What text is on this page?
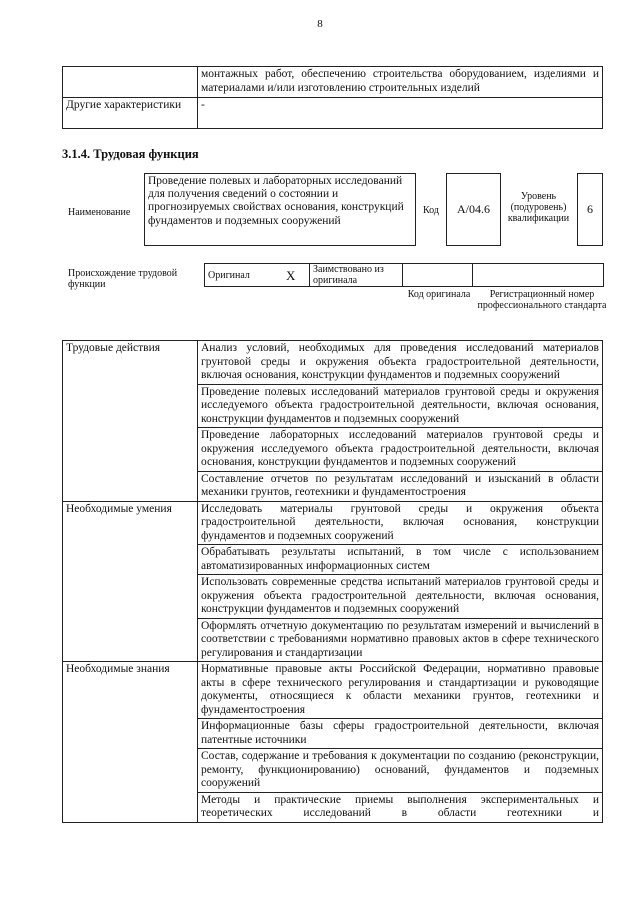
8
	монтажных работ, обеспечению строительства оборудованием, изделиями и материалами и/или изготовлению строительных изделий
Другие характеристики	-
3.1.4. Трудовая функция
Наименование
Проведение полевых и лабораторных исследований для получения сведений о состоянии и прогнозируемых свойствах основания, конструкций фундаментов и подземных сооружений
Код	А/04.6
Уровень (подуровень) квалификации
6
Происхождение трудовой функции
Оригинал	X	Заимствовано из оригинала		
Код оригинала	Регистрационный номер профессионального стандарта
Трудовые действия	Анализ условий, необходимых для проведения исследований материалов грунтовой среды и окружения объекта градостроительной деятельности, включая основания, конструкции фундаментов и подземных сооружений
	Проведение полевых исследований материалов грунтовой среды и окружения исследуемого объекта градостроительной деятельности, включая основания, конструкции фундаментов и подземных сооружений
	Проведение лабораторных исследований материалов грунтовой среды и окружения исследуемого объекта градостроительной деятельности, включая основания, конструкции фундаментов и подземных сооружений
	Составление отчетов по результатам исследований и изысканий в области механики грунтов, геотехники и фундаментостроения
Необходимые умения	Исследовать материалы грунтовой среды и окружения объекта градостроительной деятельности, включая основания, конструкции фундаментов и подземных сооружений
	Обрабатывать результаты испытаний, в том числе с использованием автоматизированных информационных систем
	Использовать современные средства испытаний материалов грунтовой среды и окружения объекта градостроительной деятельности, включая основания, конструкции фундаментов и подземных сооружений
	Оформлять отчетную документацию по результатам измерений и вычислений в соответствии с требованиями нормативно правовых актов в сфере технического регулирования и стандартизации
Необходимые знания	Нормативные правовые акты Российской Федерации, нормативно правовые акты в сфере технического регулирования и стандартизации и руководящие документы, относящиеся к области механики грунтов, геотехники и фундаментостроения
	Информационные базы сферы градостроительной деятельности, включая патентные источники
	Состав, содержание и требования к документации по созданию (реконструкции, ремонту, функционированию) оснований, фундаментов и подземных сооружений
	Методы и практические приемы выполнения экспериментальных и теоретических исследований в области геотехники и
